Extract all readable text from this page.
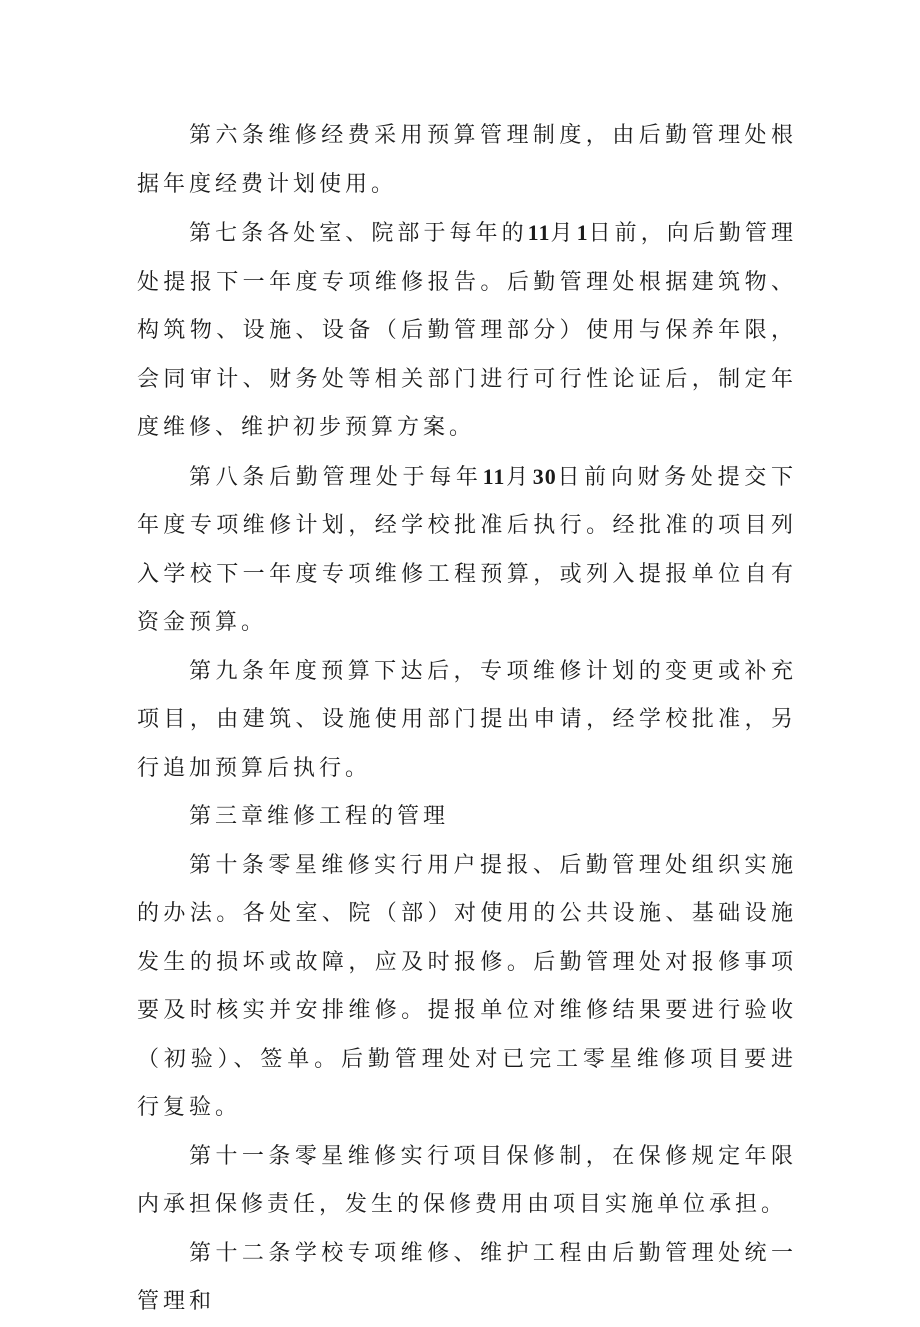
第六条维修经费采用预算管理制度，由后勤管理处根据年度经费计划使用。

第七条各处室、院部于每年的11月1日前，向后勤管理处提报下一年度专项维修报告。后勤管理处根据建筑物、构筑物、设施、设备（后勤管理部分）使用与保养年限，会同审计、财务处等相关部门进行可行性论证后，制定年度维修、维护初步预算方案。

第八条后勤管理处于每年11月30日前向财务处提交下年度专项维修计划，经学校批准后执行。经批准的项目列入学校下一年度专项维修工程预算，或列入提报单位自有资金预算。

第九条年度预算下达后，专项维修计划的变更或补充项目，由建筑、设施使用部门提出申请，经学校批准，另行追加预算后执行。

第三章维修工程的管理

第十条零星维修实行用户提报、后勤管理处组织实施的办法。各处室、院（部）对使用的公共设施、基础设施发生的损坏或故障，应及时报修。后勤管理处对报修事项要及时核实并安排维修。提报单位对维修结果要进行验收（初验）、签单。后勤管理处对已完工零星维修项目要进行复验。

第十一条零星维修实行项目保修制，在保修规定年限内承担保修责任，发生的保修费用由项目实施单位承担。

第十二条学校专项维修、维护工程由后勤管理处统一管理和
